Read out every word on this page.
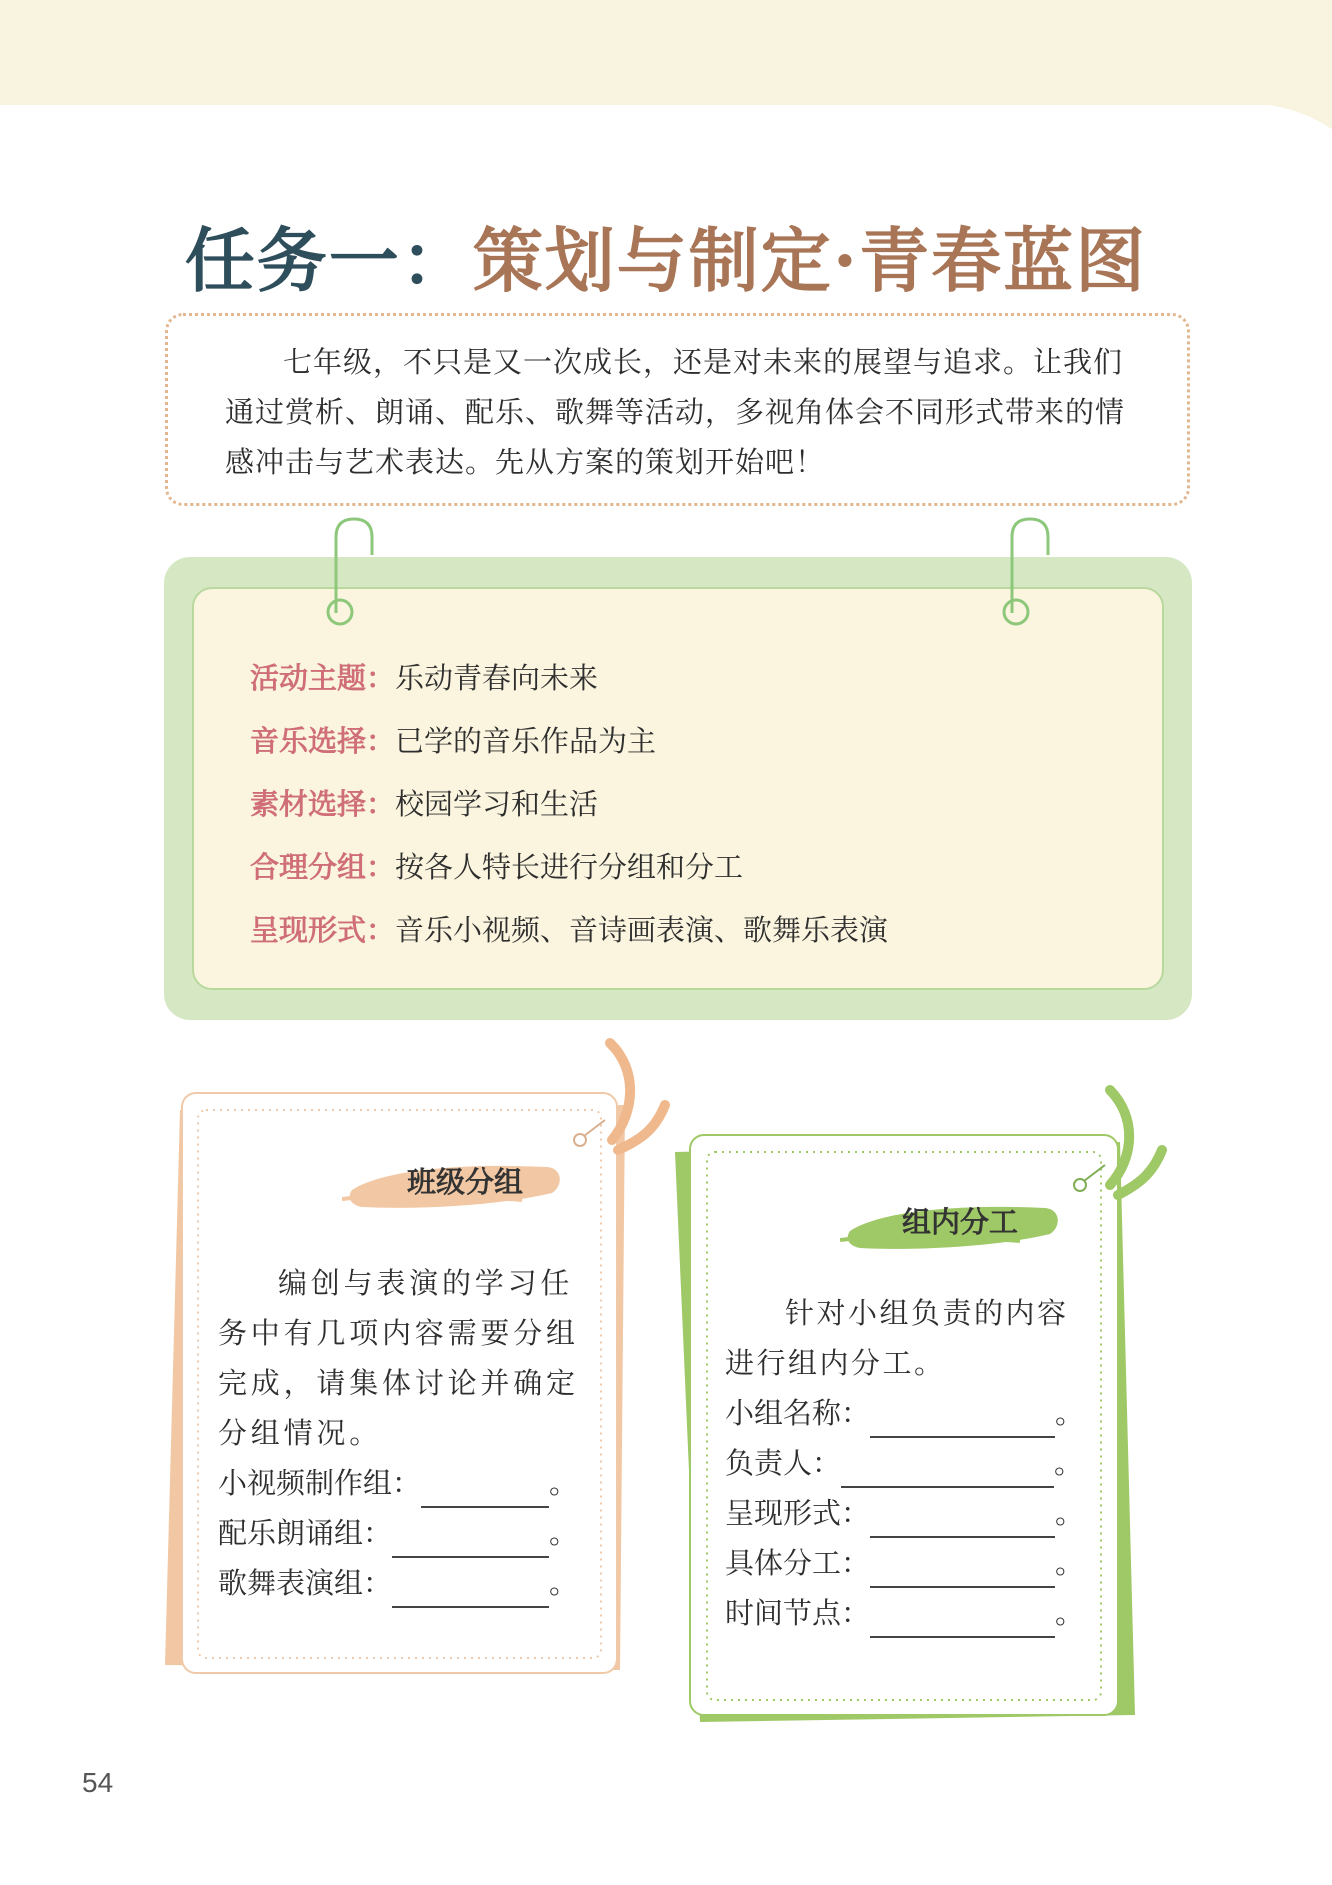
任务一：策划与制定·青春蓝图
七年级，不只是又一次成长，还是对未来的展望与追求。让我们通过赏析、朗诵、配乐、歌舞等活动，多视角体会不同形式带来的情感冲击与艺术表达。先从方案的策划开始吧！
活动主题：乐动青春向未来
音乐选择：已学的音乐作品为主
素材选择：校园学习和生活
合理分组：按各人特长进行分组和分工
呈现形式：音乐小视频、音诗画表演、歌舞乐表演
班级分组
组内分工
编创与表演的学习任务中有几项内容需要分组完成，请集体讨论并确定分组情况。
小视频制作组：	。
配乐朗诵组：	。
歌舞表演组：	。
针对小组负责的内容进行组内分工。
小组名称：	。
负责人：	。
呈现形式：	。
具体分工：	。
时间节点：	。
54
